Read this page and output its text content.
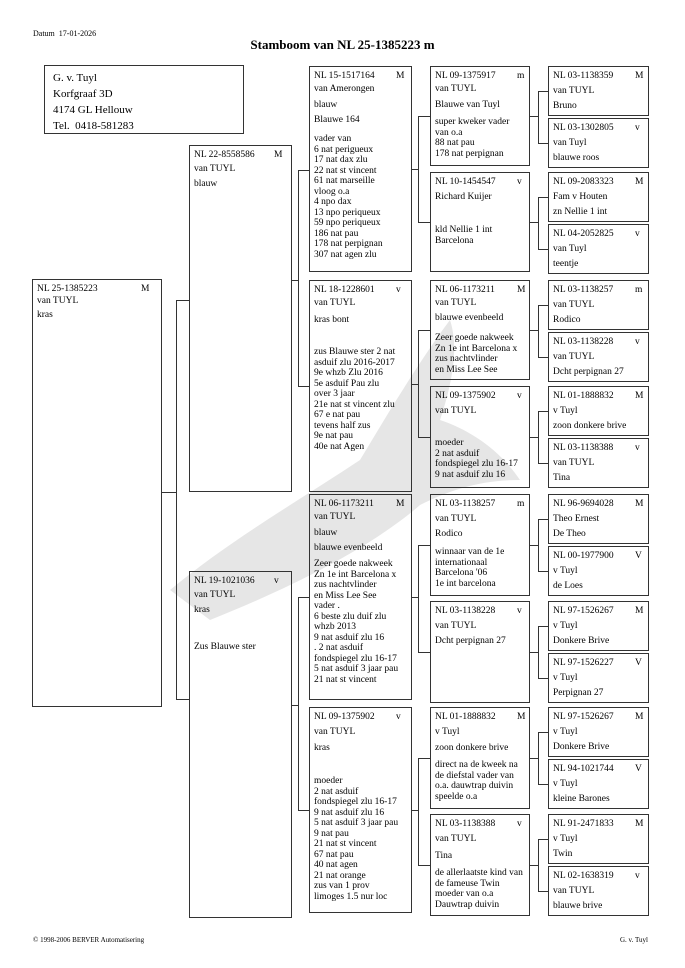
Datum 17-01-2026
Stamboom van NL 25-1385223 m
G. v. Tuyl
Korfgraaf 3D
4174 GL Hellouw
Tel. 0418-581283
NL 25-1385223	M
van TUYL
kras
NL 22-8558586 M
van TUYL
blauw
NL 19-1021036 v
van TUYL
kras
Zus Blauwe ster
NL 15-1517164 M
van Amerongen
blauw
Blauwe 164
vader van
6 nat perigueux
17 nat dax zlu
22 nat st vincent
61 nat marseille
vloog o.a
4 npo dax
13 npo periqueux
59 npo periqueux
186 nat pau
178 nat perpignan
307 nat agen zlu
NL 18-1228601 v
van TUYL
kras bont
zus Blauwe ster 2 nat
asduif zlu 2016-2017
9e whzb Zlu 2016
5e asduif Pau zlu
over 3 jaar
21e nat st vincent zlu
67 e nat pau
tevens half zus
9e nat pau
40e nat Agen
NL 06-1173211 M
van TUYL
blauw
blauwe evenbeeld
Zeer goede nakweek
Zn 1e int Barcelona x
zus nachtvlinder
en Miss Lee See
vader .
6 beste zlu duif zlu
whzb 2013
9 nat asduif zlu 16
. 2 nat asduif
fondspiegel zlu 16-17
5 nat asduif 3 jaar pau
21 nat st vincent
NL 09-1375902 v
van TUYL
kras
moeder
2 nat asduif
fondspiegel zlu 16-17
9 nat asduif zlu 16
5 nat asduif 3 jaar pau
9 nat pau
21 nat st vincent
67 nat pau
40 nat agen
21 nat orange
zus van 1 prov
limoges 1.5 nur loc
NL 09-1375917 m
van TUYL
Blauwe van Tuyl
super kweker vader
van o.a
88 nat pau
178 nat perpignan
NL 10-1454547 v
Richard Kuijer
kld Nellie 1 int
Barcelona
NL 06-1173211 M
van TUYL
blauwe evenbeeld
Zeer goede nakweek
Zn 1e int Barcelona x
zus nachtvlinder
en Miss Lee See
NL 09-1375902 v
van TUYL
moeder
2 nat asduif
fondspiegel zlu 16-17
9 nat asduif zlu 16
NL 03-1138257 m
van TUYL
Rodico
winnaar van de 1e
internationaal
Barcelona '06
1e int barcelona
NL 03-1138228 v
van TUYL
Dcht perpignan 27
NL 01-1888832 M
v Tuyl
zoon donkere brive
direct na de kweek na
de diefstal vader van
o.a. dauwtrap duivin
speelde o.a
NL 03-1138388 v
van TUYL
Tina
de allerlaatste kind van
de fameuse Twin
moeder van o.a
Dauwtrap duivin
NL 03-1138359 M
van TUYL
Bruno
NL 03-1302805 v
van Tuyl
blauwe roos
NL 09-2083323 M
Fam v Houten
zn Nellie 1 int
NL 04-2052825 v
van Tuyl
teentje
NL 03-1138257 m
van TUYL
Rodico
NL 03-1138228 v
van TUYL
Dcht perpignan 27
NL 01-1888832 M
v Tuyl
zoon donkere brive
NL 03-1138388 v
van TUYL
Tina
NL 96-9694028 M
Theo Ernest
De Theo
NL 00-1977900 V
v Tuyl
de Loes
NL 97-1526267 M
v Tuyl
Donkere Brive
NL 97-1526227 V
v Tuyl
Perpignan 27
NL 97-1526267 M
v Tuyl
Donkere Brive
NL 94-1021744 V
v Tuyl
kleine Barones
NL 91-2471833 M
v Tuyl
Twin
NL 02-1638319 v
van TUYL
blauwe brive
© 1998-2006 BERVER Automatisering	G. v. Tuyl
